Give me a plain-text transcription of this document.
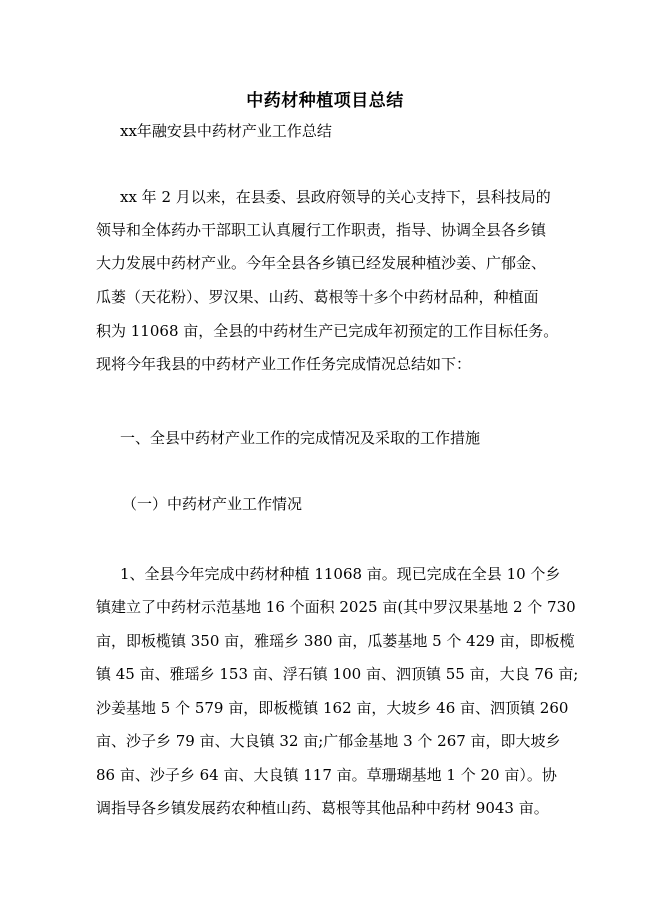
中药材种植项目总结
xx年融安县中药材产业工作总结
xx 年 2 月以来，在县委、县政府领导的关心支持下，县科技局的
领导和全体药办干部职工认真履行工作职责，指导、协调全县各乡镇
大力发展中药材产业。今年全县各乡镇已经发展种植沙姜、广郁金、
瓜蒌（天花粉）、罗汉果、山药、葛根等十多个中药材品种，种植面
积为 11068 亩，全县的中药材生产已完成年初预定的工作目标任务。
现将今年我县的中药材产业工作任务完成情况总结如下：
一、全县中药材产业工作的完成情况及采取的工作措施
（一）中药材产业工作情况
1、全县今年完成中药材种植 11068 亩。现已完成在全县 10 个乡
镇建立了中药材示范基地 16 个面积 2025 亩(其中罗汉果基地 2 个 730
亩，即板榄镇 350 亩，雅瑶乡 380 亩，瓜蒌基地 5 个 429 亩，即板榄
镇 45 亩、雅瑶乡 153 亩、浮石镇 100 亩、泗顶镇 55 亩，大良 76 亩;
沙姜基地 5 个 579 亩，即板榄镇 162 亩，大坡乡 46 亩、泗顶镇 260
亩、沙子乡 79 亩、大良镇 32 亩;广郁金基地 3 个 267 亩，即大坡乡
86 亩、沙子乡 64 亩、大良镇 117 亩。草珊瑚基地 1 个 20 亩）。协
调指导各乡镇发展药农种植山药、葛根等其他品种中药材 9043 亩。
